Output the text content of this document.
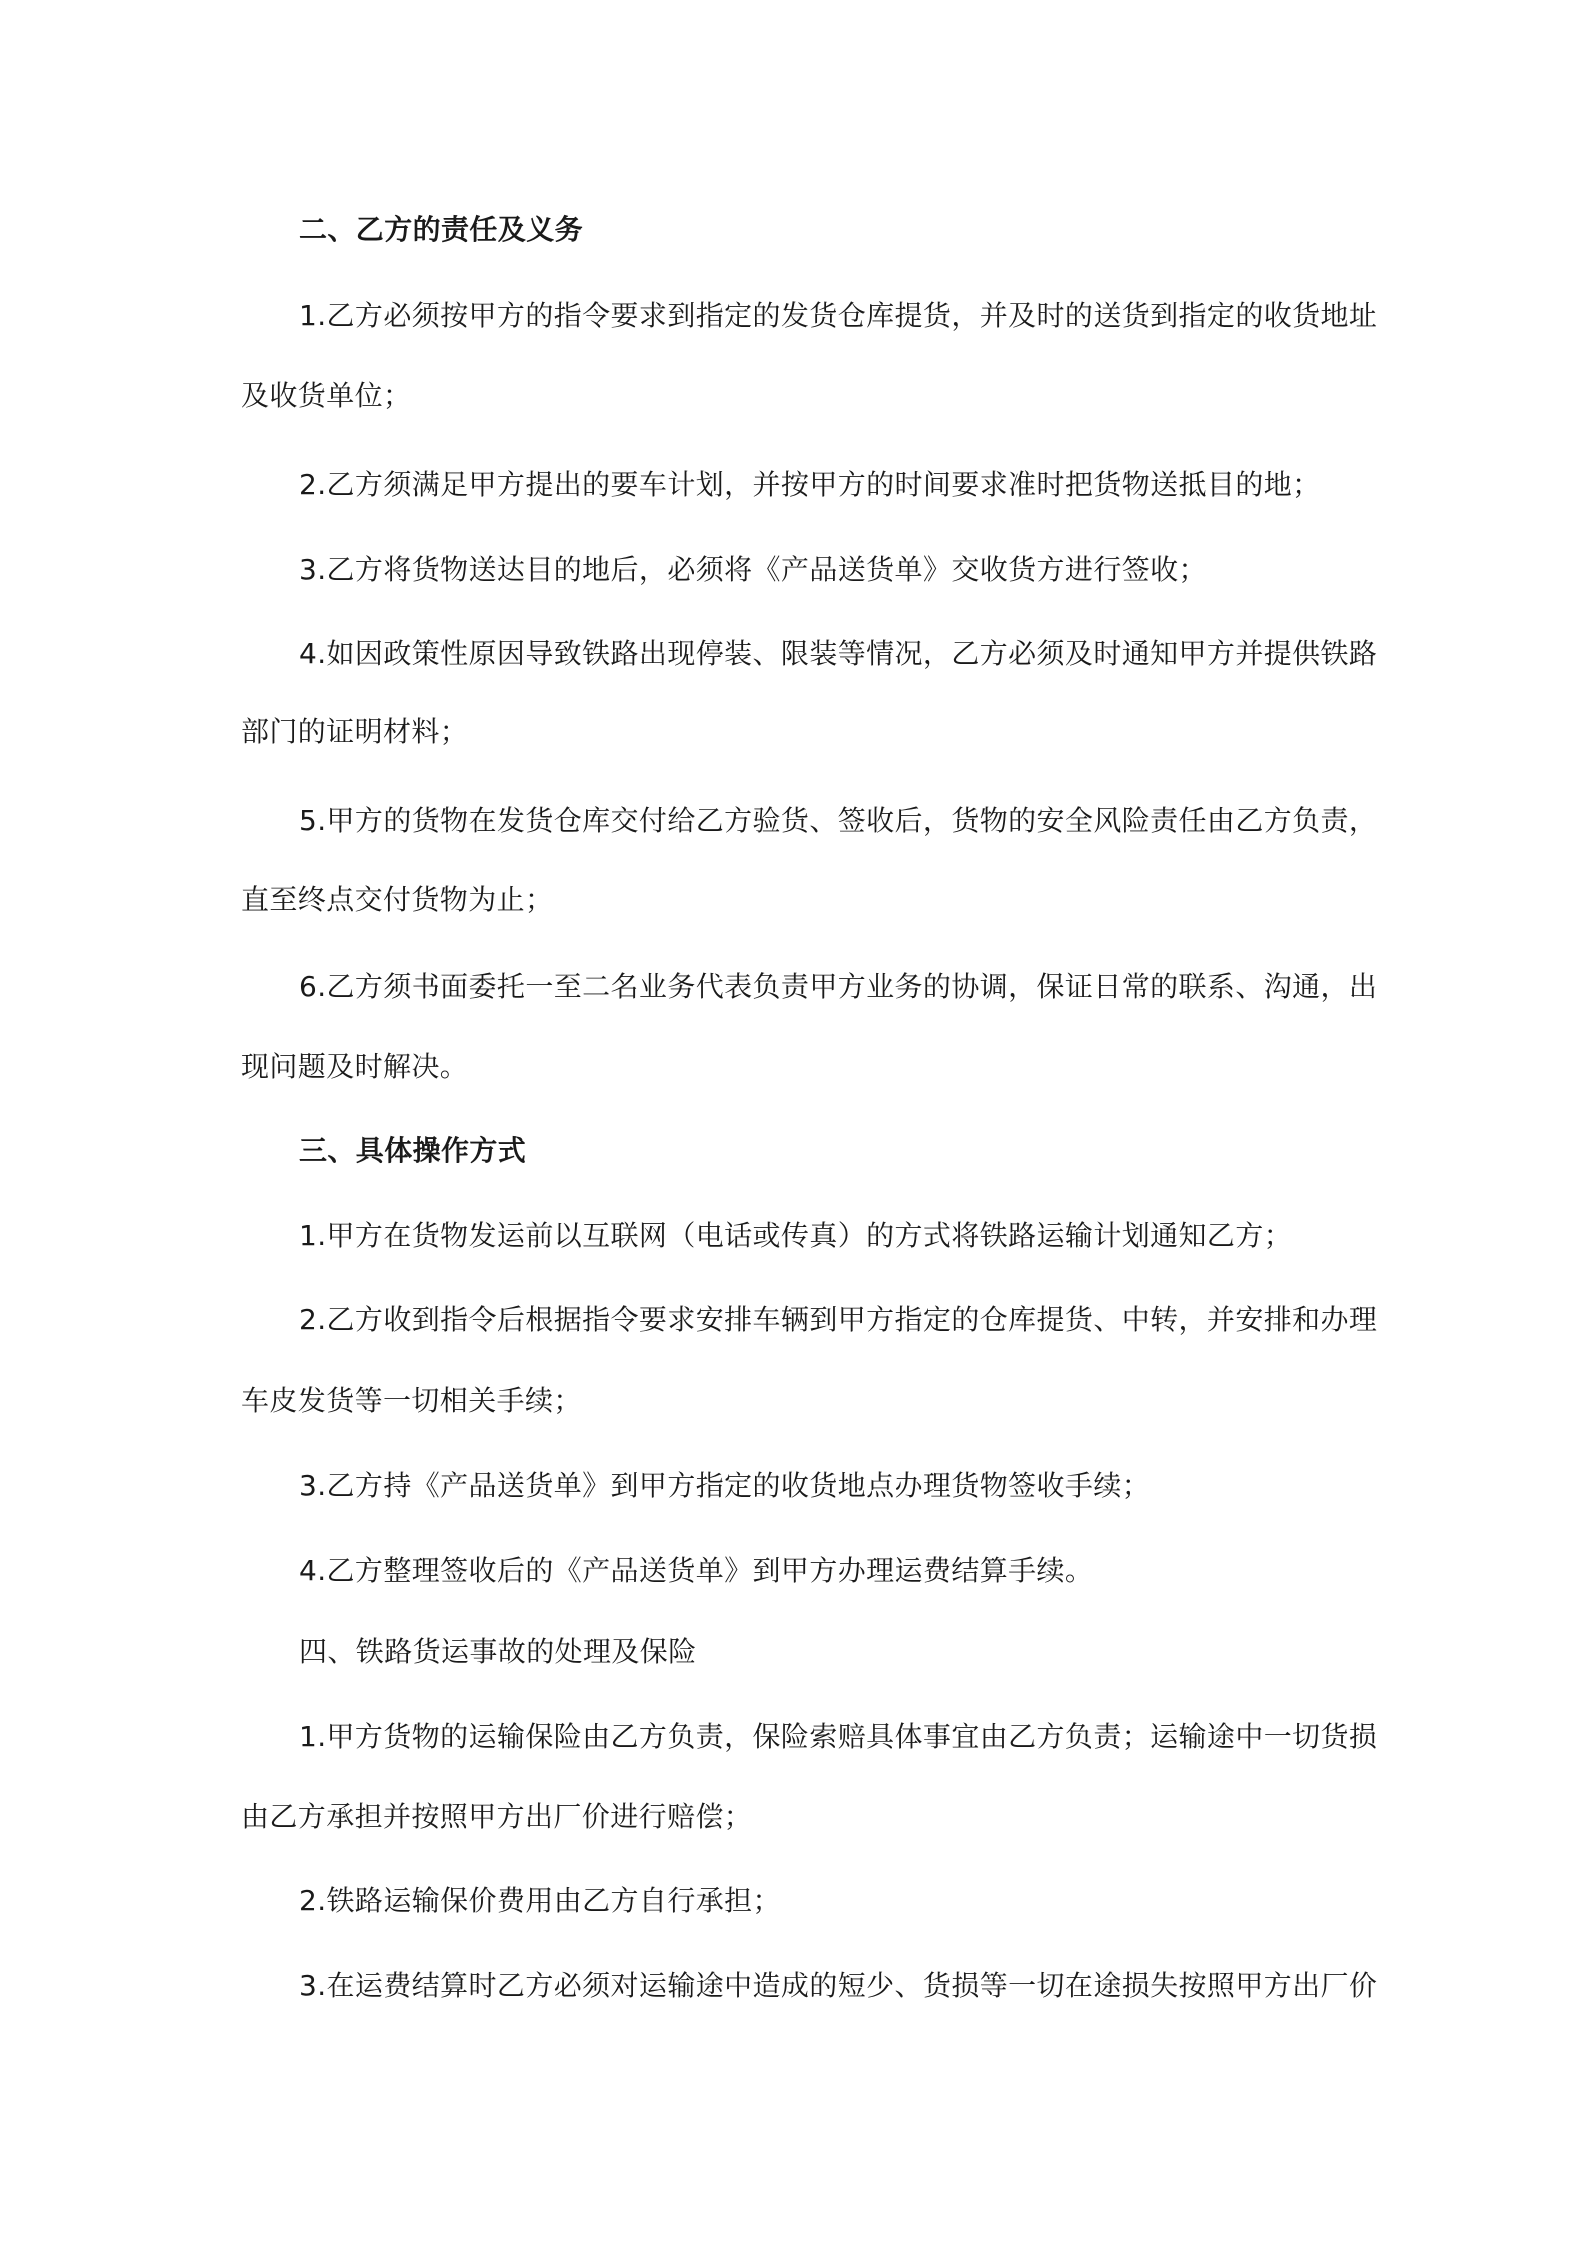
二、乙方的责任及义务
1.乙方必须按甲方的指令要求到指定的发货仓库提货，并及时的送货到指定的收货地址
及收货单位；
2.乙方须满足甲方提出的要车计划，并按甲方的时间要求准时把货物送抵目的地；
3.乙方将货物送达目的地后，必须将《产品送货单》交收货方进行签收；
4.如因政策性原因导致铁路出现停装、限装等情况，乙方必须及时通知甲方并提供铁路
部门的证明材料；
5.甲方的货物在发货仓库交付给乙方验货、签收后，货物的安全风险责任由乙方负责，
直至终点交付货物为止；
6.乙方须书面委托一至二名业务代表负责甲方业务的协调，保证日常的联系、沟通，出
现问题及时解决。
三、具体操作方式
1.甲方在货物发运前以互联网（电话或传真）的方式将铁路运输计划通知乙方；
2.乙方收到指令后根据指令要求安排车辆到甲方指定的仓库提货、中转，并安排和办理
车皮发货等一切相关手续；
3.乙方持《产品送货单》到甲方指定的收货地点办理货物签收手续；
4.乙方整理签收后的《产品送货单》到甲方办理运费结算手续。
四、铁路货运事故的处理及保险
1.甲方货物的运输保险由乙方负责，保险索赔具体事宜由乙方负责；运输途中一切货损
由乙方承担并按照甲方出厂价进行赔偿；
2.铁路运输保价费用由乙方自行承担；
3.在运费结算时乙方必须对运输途中造成的短少、货损等一切在途损失按照甲方出厂价
